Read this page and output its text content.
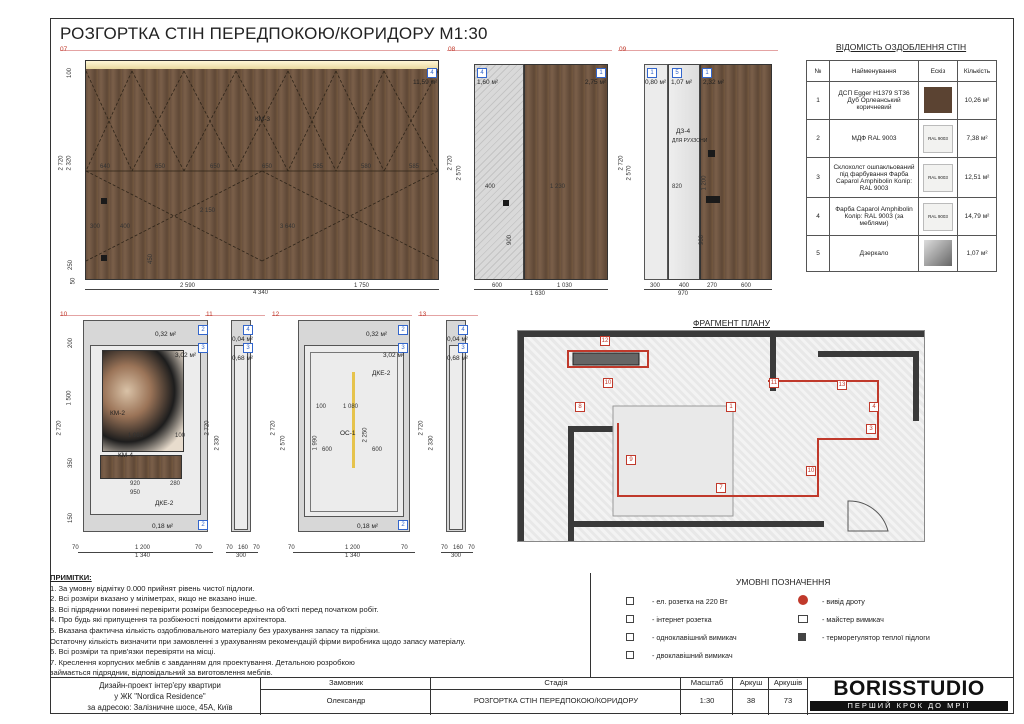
РОЗГОРТКА СТІН ПЕРЕДПОКОЮ/КОРИДОРУ М1:30
07
4
11,59 м²
КМ-3
640	650	650	650	585	580	585
300	400
2 150
3 640
450
2 720
100
2 320
250
50
2 590	1 750
4 340
08
4	1
1,60 м²	2,75 м²
400	1 230
900
2 720
2 570
600	1 030
1 630
09
1	5	1
0,80 м² 1,07 м² 2,32 м²
ДЗ-4
ДЛЯ РУХЗОНИ
820	1 200
900
2 720
2 570
300	400	270	600
970
ВІДОМІСТЬ ОЗДОБЛЕННЯ СТІН
№	Найменування	Ескіз	Кількість
1	ДСП Egger H1379 ST36 Дуб Орлеанський коричневий		10,26 м²
2	МДФ RAL 9003	RAL 9003	7,38 м²
3	Склохолст ошпакльований під фарбування Фарба Caparol Amphibolin Колір: RAL 9003	RAL 9003	12,51 м²
4	Фарба Caparol Amphibolin Колір: RAL 9003 (за меблями)	RAL 9003	14,79 м²
5	Дзеркало		1,07 м²
10
2
3
2
0,32 м²
3,02 м²
0,18 м²
КМ-2
КМ-4
ДКЕ-2
1 080	100
920	280
950
2 720
1 500
200
350
150
70	1 200	70
1 340
11
4
3
0,04 м²
0,68 м²
2 720
2 330
70 160 70
300
12
2
3
2
0,32 м²
3,02 м²
0,18 м²
ДКЕ-2
ОС-1
1 080
600	600
100
1 990
2 250
2 720
2 570
70	1 200	70
1 340
13
4
3
0,04 м²
0,68 м²
2 720
2 330
70 160 70
300
ФРАГМЕНТ ПЛАНУ
12
10	11	13
8
9
7
10
4
3
1
ПРИМІТКИ:
1. За умовну відмітку 0.000 прийнят рівень чистої підлоги.
2. Всі розміри вказано у міліметрах, якщо не вказано інше.
3. Всі підрядники повинні перевірити розміри безпосередньо на об'єкті перед початком робіт.
4. Про будь які припущення та розбіжності повідомити архітектора.
5. Вказана фактична кількість оздоблювального матеріалу без урахування запасу та підрізки.
Остаточну кількість визначити при замовленні з урахуванням рекомендацій фірми виробника щодо запасу матеріалу.
6. Всі розміри та прив'язки перевіряти на місці.
7. Креслення корпусних меблів є завданням для проектування. Детальною розробкою
займається підрядник, відповідальний за виготовлення меблів.
УМОВНІ ПОЗНАЧЕННЯ
- ел. розетка на 220 Вт
- інтернет розетка
- одноклавішний вимикач
- двоклавішний вимикач
- вивід дроту
- майстер вимикач
- терморегулятор теплої підлоги
Дизайн-проект інтер'єру квартири
у ЖК "Nordica Residence"
за адресою: Залізничне шосе, 45А, Київ
Замовник
Олександр
Стадія
РОЗГОРТКА СТІН ПЕРЕДПОКОЮ/КОРИДОРУ
Масштаб
1:30
Аркуш
38
Аркушів
73
BORISSTUDIO
ПЕРШИЙ КРОК ДО МРІЇ
